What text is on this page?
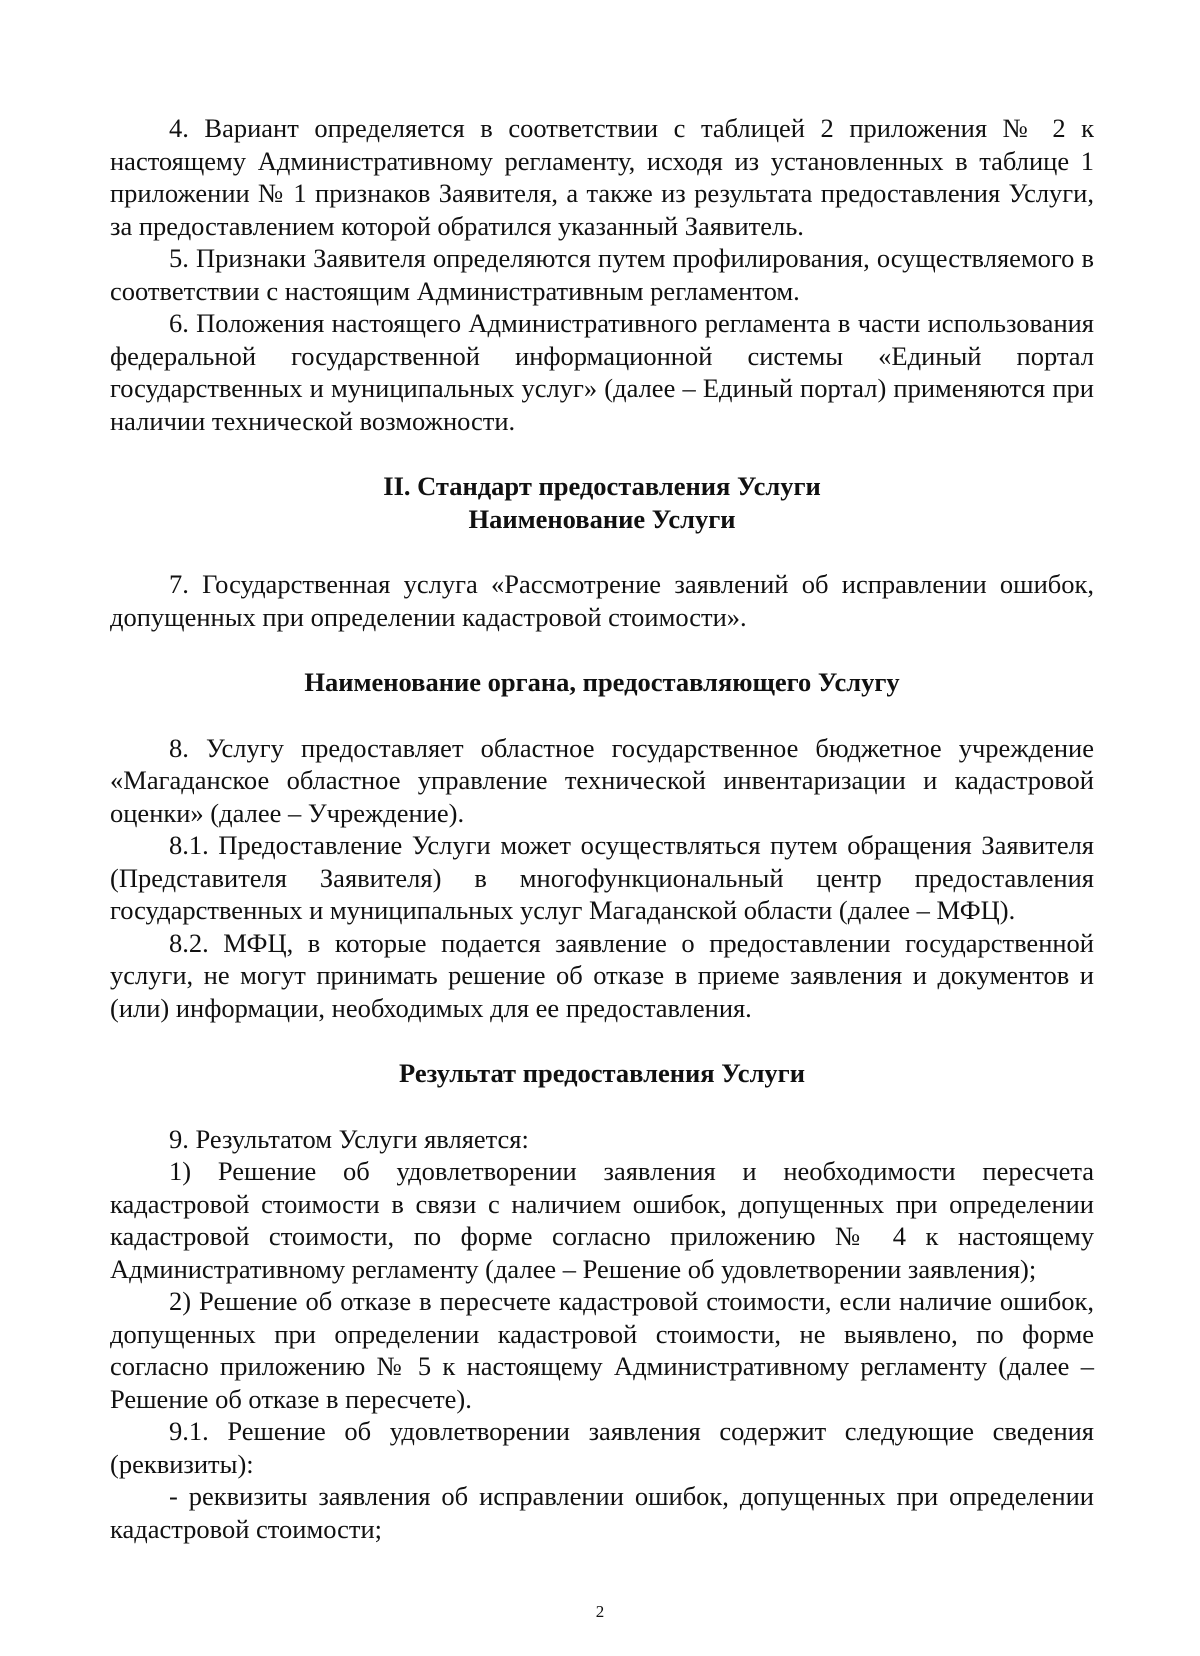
4. Вариант определяется в соответствии с таблицей 2 приложения № 2 к настоящему Административному регламенту, исходя из установленных в таблице 1 приложении № 1 признаков Заявителя, а также из результата предоставления Услуги, за предоставлением которой обратился указанный Заявитель.

5. Признаки Заявителя определяются путем профилирования, осуществляемого в соответствии с настоящим Административным регламентом.

6. Положения настоящего Административного регламента в части использования федеральной государственной информационной системы «Единый портал государственных и муниципальных услуг» (далее – Единый портал) применяются при наличии технической возможности.

II. Стандарт предоставления Услуги

Наименование Услуги

7. Государственная услуга «Рассмотрение заявлений об исправлении ошибок, допущенных при определении кадастровой стоимости».

Наименование органа, предоставляющего Услугу

8. Услугу предоставляет областное государственное бюджетное учреждение «Магаданское областное управление технической инвентаризации и кадастровой оценки» (далее – Учреждение).

8.1. Предоставление Услуги может осуществляться путем обращения Заявителя (Представителя Заявителя) в многофункциональный центр предоставления государственных и муниципальных услуг Магаданской области (далее – МФЦ).

8.2. МФЦ, в которые подается заявление о предоставлении государственной услуги, не могут принимать решение об отказе в приеме заявления и документов и (или) информации, необходимых для ее предоставления.

Результат предоставления Услуги

9. Результатом Услуги является:

1) Решение об удовлетворении заявления и необходимости пересчета кадастровой стоимости в связи с наличием ошибок, допущенных при определении кадастровой стоимости, по форме согласно приложению № 4 к настоящему Административному регламенту (далее – Решение об удовлетворении заявления);

2) Решение об отказе в пересчете кадастровой стоимости, если наличие ошибок, допущенных при определении кадастровой стоимости, не выявлено, по форме согласно приложению № 5 к настоящему Административному регламенту (далее – Решение об отказе в пересчете).

9.1. Решение об удовлетворении заявления содержит следующие сведения (реквизиты):

- реквизиты заявления об исправлении ошибок, допущенных при определении кадастровой стоимости;

2
